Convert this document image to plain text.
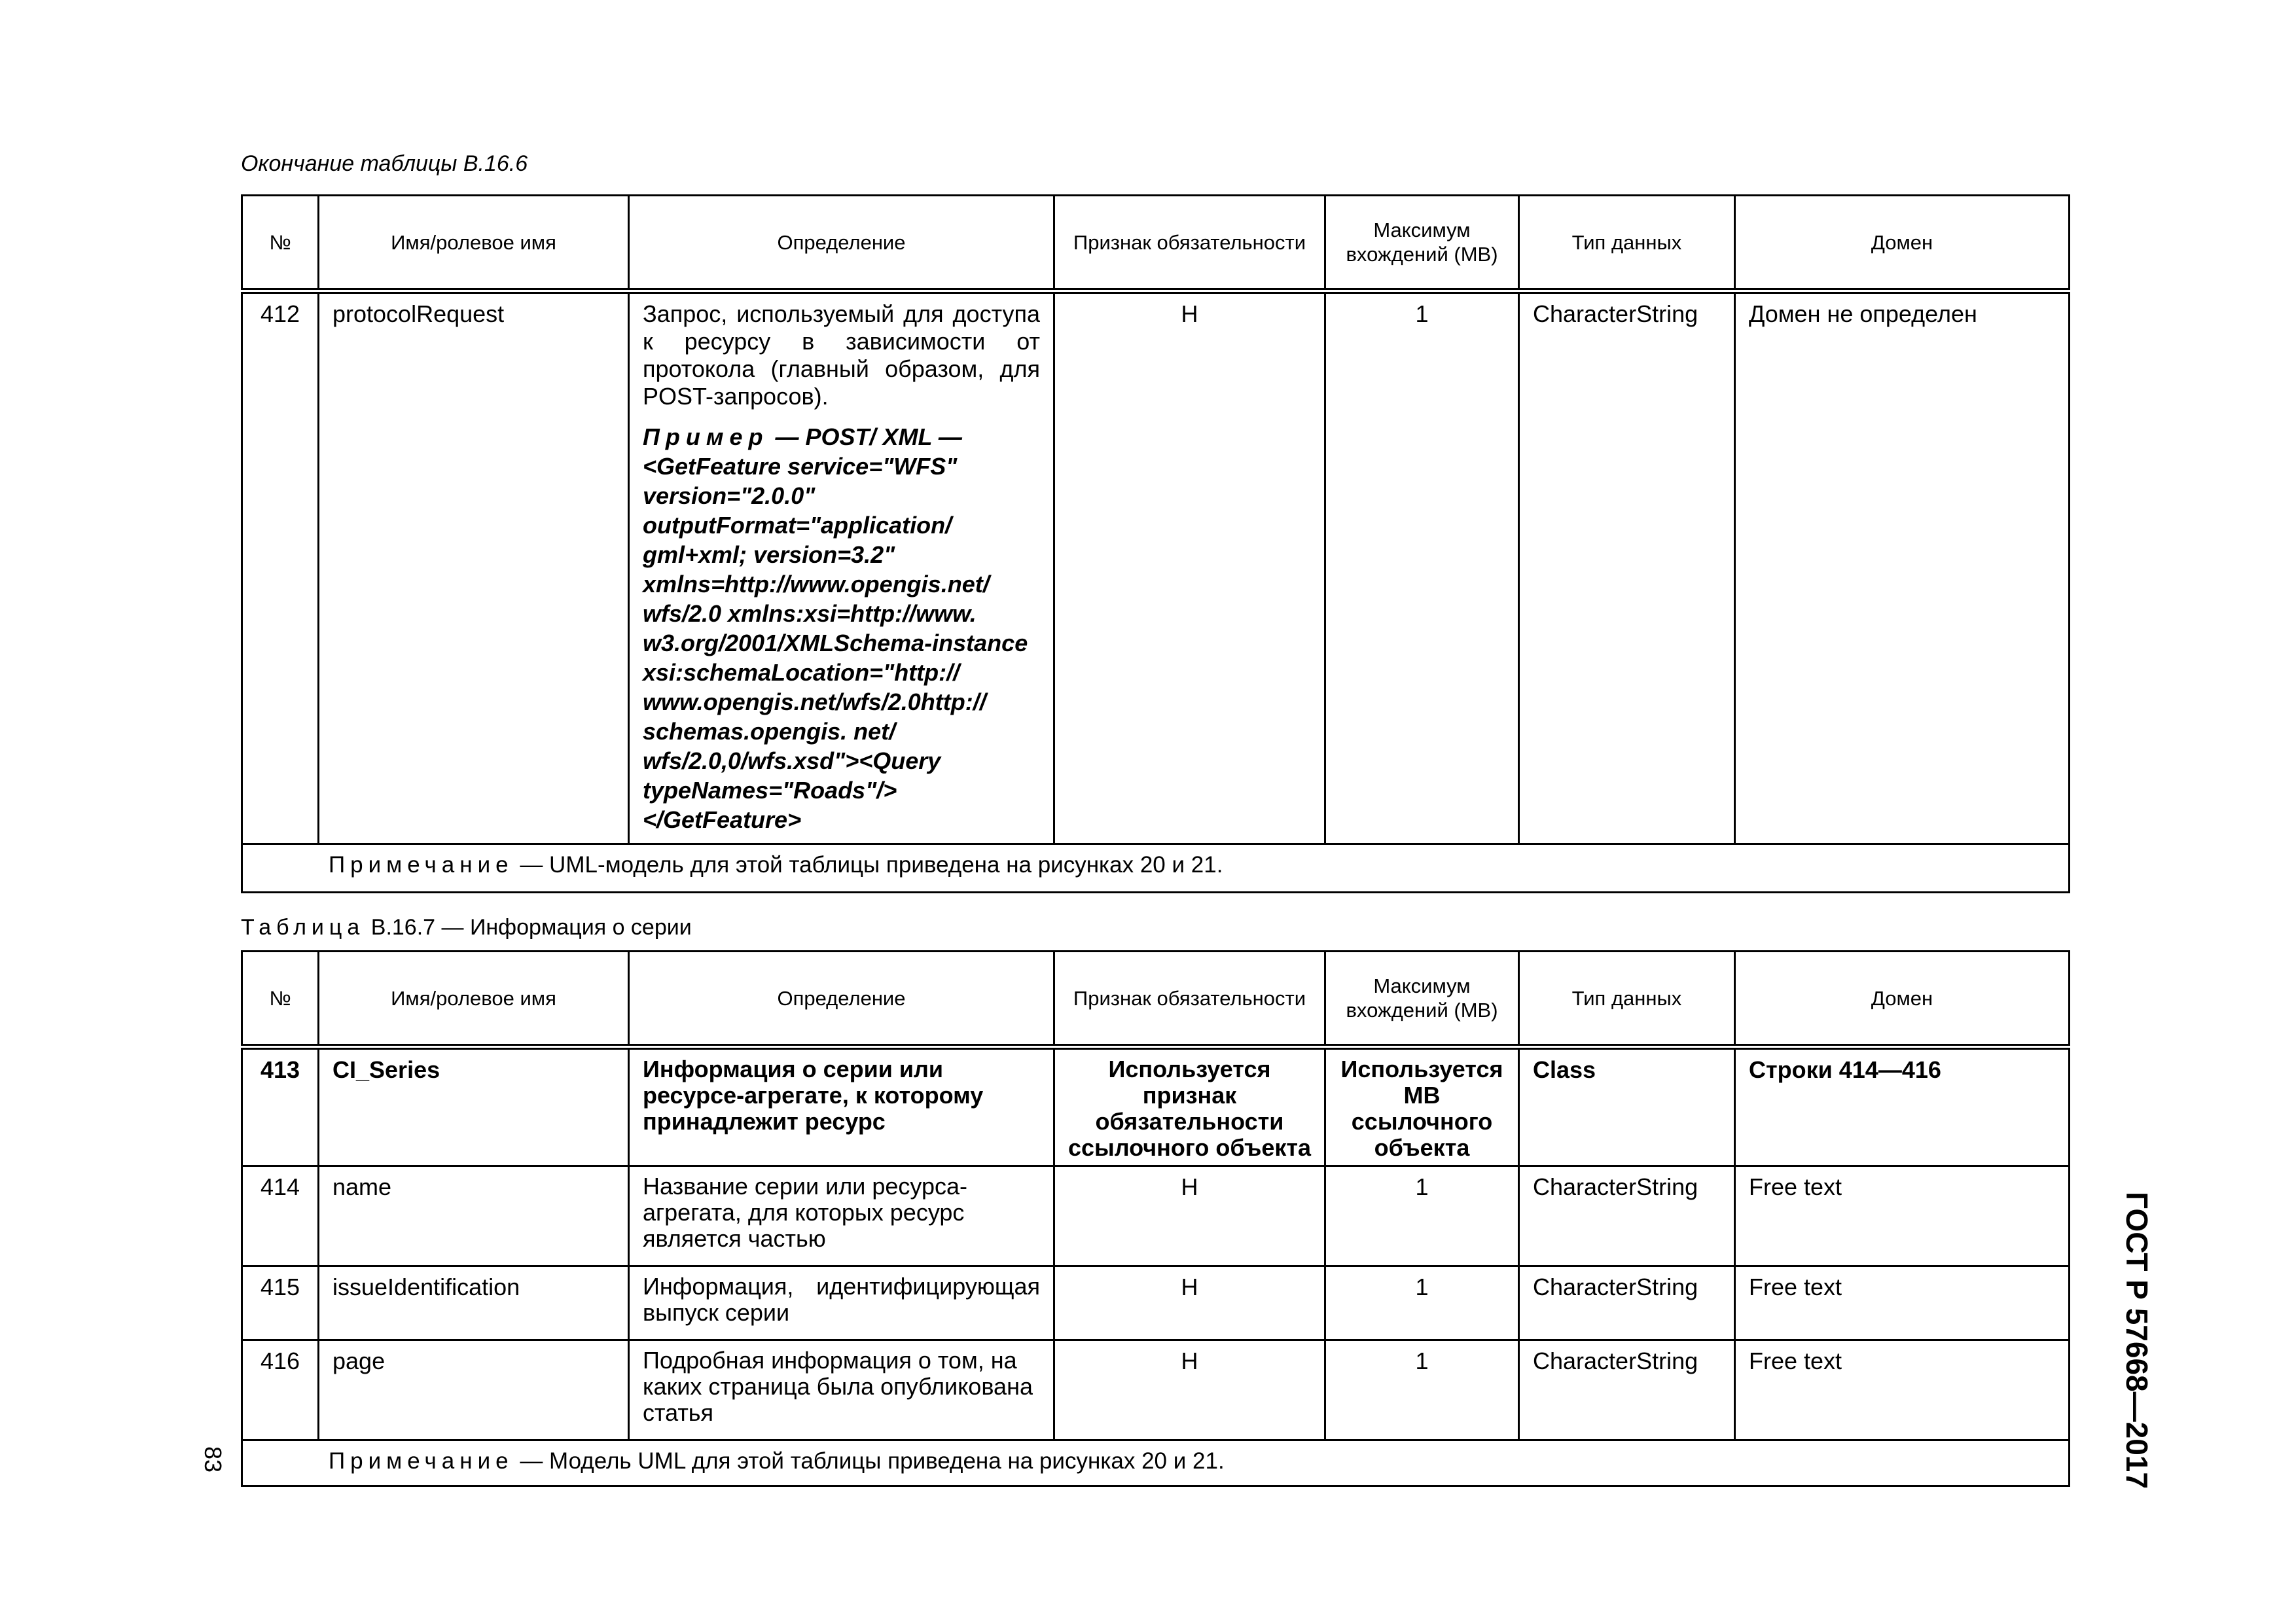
Окончание таблицы B.16.6
№	Имя/ролевое имя	Определение	Признак обязательности	Максимум вхождений (МВ)	Тип данных	Домен
412	protocolRequest	Запрос, используемый для доступа к ресурсу в зависимости от протокола (главный образом, для POST-запросов).
Пример — POST/ XML — <GetFeature service="WFS" version="2.0.0" outputFormat="application/ gml+xml; version=3.2" xmlns=http://www.opengis.net/ wfs/2.0 xmlns:xsi=http://www. w3.org/2001/XMLSchema-instance xsi:schemaLocation="http:// www.opengis.net/wfs/2.0http:// schemas.opengis. net/ wfs/2.0,0/wfs.xsd"><Query typeNames="Roads"/> </GetFeature>	Н	1	CharacterString	Домен не определен
Примечание — UML-модель для этой таблицы приведена на рисунках 20 и 21.						
Таблица B.16.7 — Информация о серии
№	Имя/ролевое имя	Определение	Признак обязательности	Максимум вхождений (МВ)	Тип данных	Домен
413	CI_Series	Информация о серии или ресурсе-агрегате, к которому принадлежит ресурс	Используется признак обязательности ссылочного объекта	Используется МВ ссылочного объекта	Class	Строки 414—416
414	name	Название серии или ресурса-агрегата, для которых ресурс является частью	Н	1	CharacterString	Free text
415	issueIdentification	Информация, идентифицирующая выпуск серии	Н	1	CharacterString	Free text
416	page	Подробная информация о том, на каких страница была опубликована статья	Н	1	CharacterString	Free text
Примечание — Модель UML для этой таблицы приведена на рисунках 20 и 21.							ГОСТ Р 57668—2017
83
